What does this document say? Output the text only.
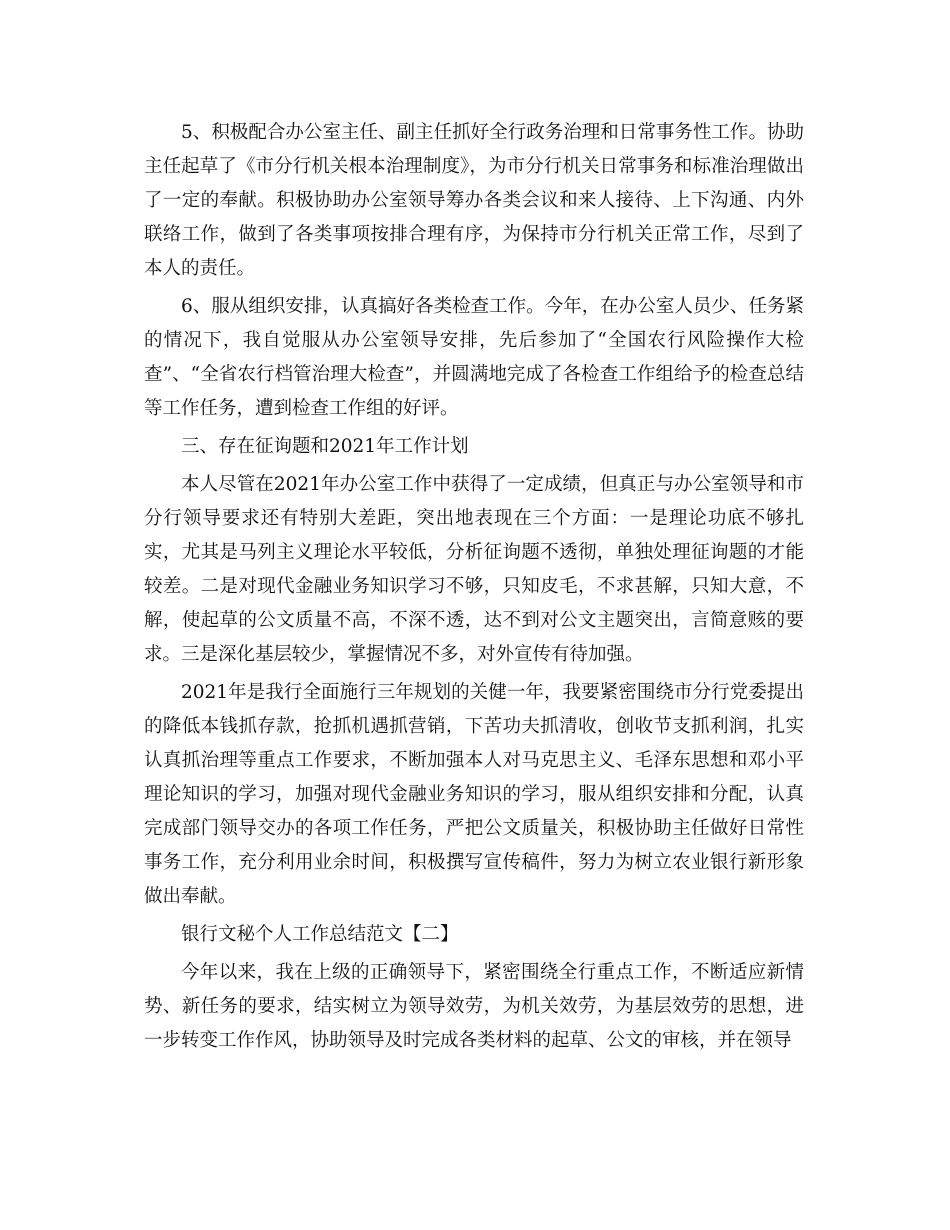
5、积极配合办公室主任、副主任抓好全行政务治理和日常事务性工作。协助主任起草了《市分行机关根本治理制度》，为市分行机关日常事务和标准治理做出了一定的奉献。积极协助办公室领导筹办各类会议和来人接待、上下沟通、内外联络工作，做到了各类事项按排合理有序，为保持市分行机关正常工作，尽到了本人的责任。

6、服从组织安排，认真搞好各类检查工作。今年，在办公室人员少、任务紧的情况下，我自觉服从办公室领导安排，先后参加了“全国农行风险操作大检查”、“全省农行档管治理大检查”，并圆满地完成了各检查工作组给予的检查总结等工作任务，遭到检查工作组的好评。

三、存在征询题和2021年工作计划

本人尽管在2021年办公室工作中获得了一定成绩，但真正与办公室领导和市分行领导要求还有特别大差距，突出地表现在三个方面：一是理论功底不够扎实，尤其是马列主义理论水平较低，分析征询题不透彻，单独处理征询题的才能较差。二是对现代金融业务知识学习不够，只知皮毛，不求甚解，只知大意，不解，使起草的公文质量不高，不深不透，达不到对公文主题突出，言简意赅的要求。三是深化基层较少，掌握情况不多，对外宣传有待加强。

2021年是我行全面施行三年规划的关健一年，我要紧密围绕市分行党委提出的降低本钱抓存款，抢抓机遇抓营销，下苦功夫抓清收，创收节支抓利润，扎实认真抓治理等重点工作要求，不断加强本人对马克思主义、毛泽东思想和邓小平理论知识的学习，加强对现代金融业务知识的学习，服从组织安排和分配，认真完成部门领导交办的各项工作任务，严把公文质量关，积极协助主任做好日常性事务工作，充分利用业余时间，积极撰写宣传稿件，努力为树立农业银行新形象做出奉献。

银行文秘个人工作总结范文【二】

今年以来，我在上级的正确领导下，紧密围绕全行重点工作，不断适应新情势、新任务的要求，结实树立为领导效劳，为机关效劳，为基层效劳的思想，进一步转变工作作风，协助领导及时完成各类材料的起草、公文的审核，并在领导
